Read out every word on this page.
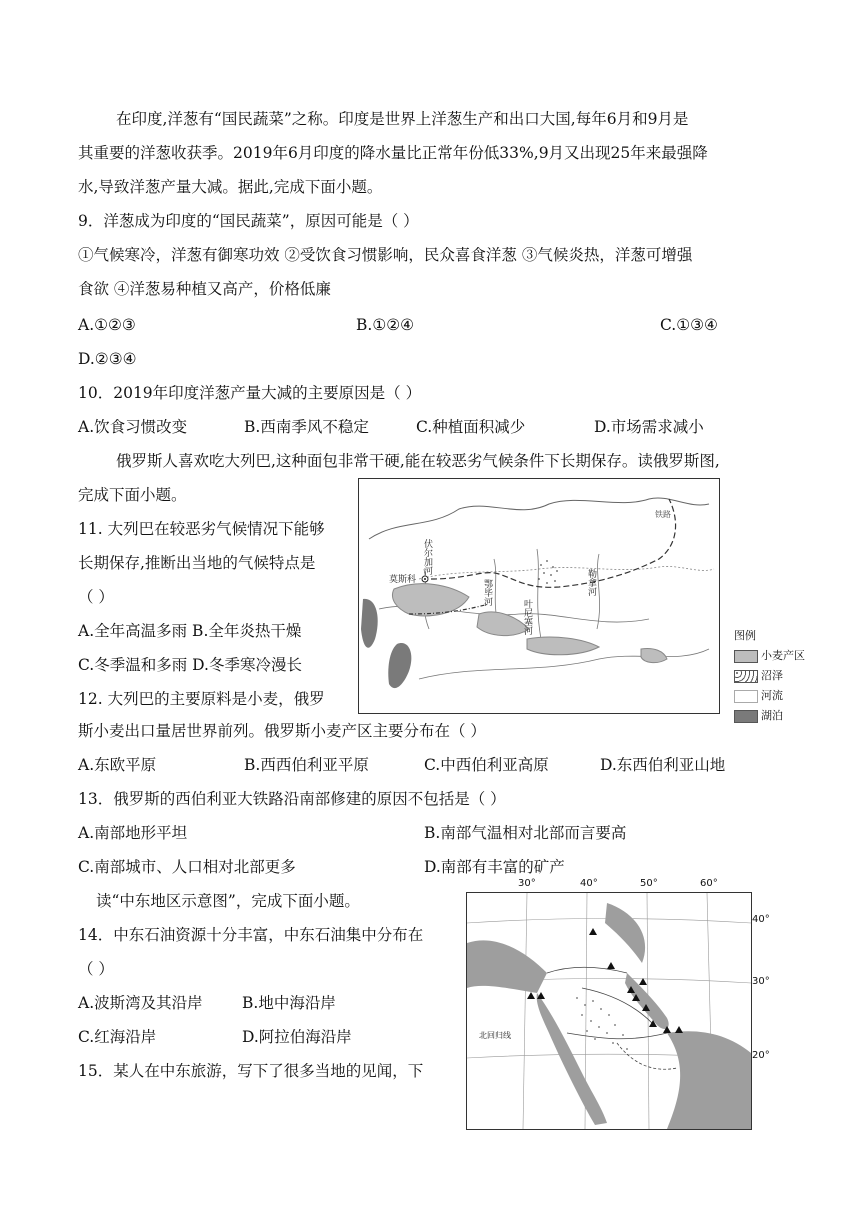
在印度,洋葱有“国民蔬菜”之称。印度是世界上洋葱生产和出口大国,每年6月和9月是
其重要的洋葱收获季。2019年6月印度的降水量比正常年份低33%,9月又出现25年来最强降
水,导致洋葱产量大减。据此,完成下面小题。
9．洋葱成为印度的“国民蔬菜”，原因可能是（ ）
①气候寒冷，洋葱有御寒功效 ②受饮食习惯影响，民众喜食洋葱 ③气候炎热，洋葱可增强
食欲 ④洋葱易种植又高产，价格低廉
A.①②③	B.①②④	C.①③④
D.②③④
10．2019年印度洋葱产量大减的主要原因是（ ）
A.饮食习惯改变	B.西南季风不稳定	C.种植面积减少	D.市场需求减小
俄罗斯人喜欢吃大列巴,这种面包非常干硬,能在较恶劣气候条件下长期保存。读俄罗斯图,
完成下面小题。
11. 大列巴在较恶劣气候情况下能够
长期保存,推断出当地的气候特点是
（ ）
A.全年高温多雨 B.全年炎热干燥
C.冬季温和多雨 D.冬季寒冷漫长
12. 大列巴的主要原料是小麦，俄罗
斯小麦出口量居世界前列。俄罗斯小麦产区主要分布在（ ）
A.东欧平原	B.西西伯利亚平原	C.中西伯利亚高原	D.东西伯利亚山地
13．俄罗斯的西伯利亚大铁路沿南部修建的原因不包括是（ ）
A.南部地形平坦	B.南部气温相对北部而言要高
C.南部城市、人口相对北部更多	D.南部有丰富的矿产
读“中东地区示意图”，完成下面小题。
14．中东石油资源十分丰富，中东石油集中分布在
（ ）
A.波斯湾及其沿岸	B.地中海沿岸
C.红海沿岸	D.阿拉伯海沿岸
15．某人在中东旅游，写下了很多当地的见闻，下
莫斯科
伏尔加河
鄂毕河
叶尼塞河
勒拿河
铁路
图例
小麦产区
沼泽
河流
湖泊
北回归线
30°	40°	50°	60°
40°
30°
20°
